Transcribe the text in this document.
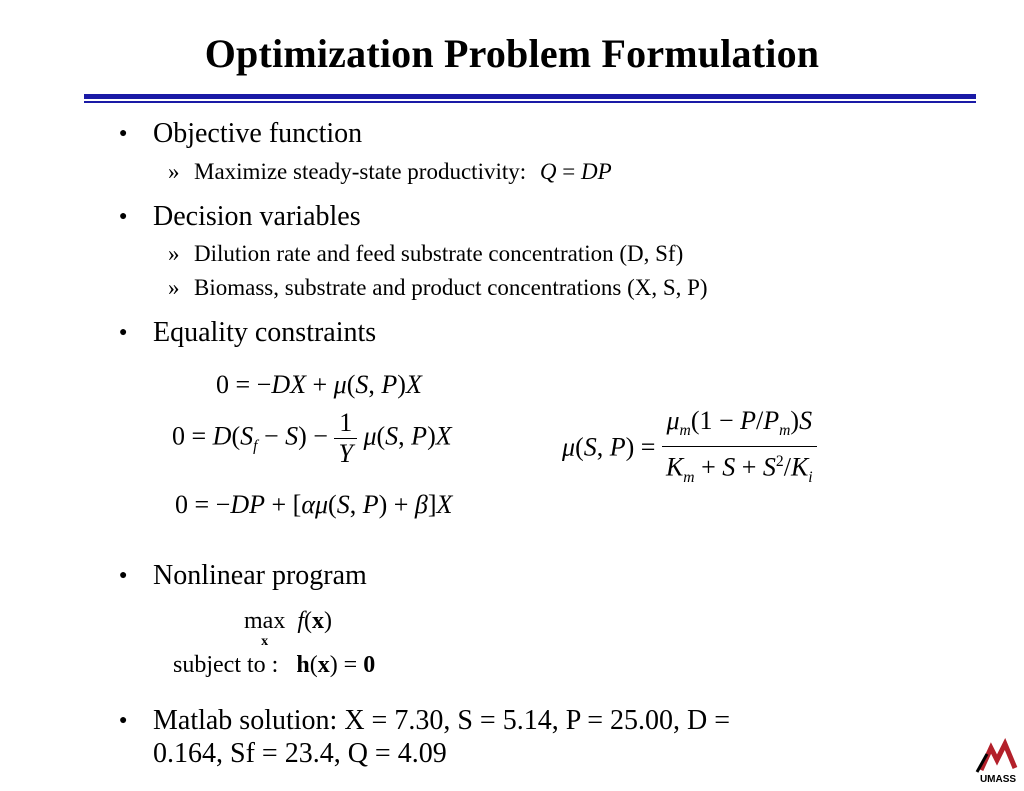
Optimization Problem Formulation
● Objective function
» Maximize steady-state productivity: Q = DP
● Decision variables
» Dilution rate and feed substrate concentration (D, Sf)
» Biomass, substrate and product concentrations (X, S, P)
● Equality constraints
0 = −DX + μ(S, P)X
$0 = D(S_f - S) - \frac{1}{Y} \mu(S$, P)X	μ(S, $P) = \frac{\mu_m(1 - P/P_m)S}{K_m + S + S^2/K_i}$
0 = −DP + [αμ(S, P) + β]X
● Nonlinear program
max

x
f(x)
subject to :   h(x) = 0
● Matlab solution: X = 7.30, S = 5.14, P = 25.00, D =
0.164, Sf = 23.4, Q = 4.09
UMASS
